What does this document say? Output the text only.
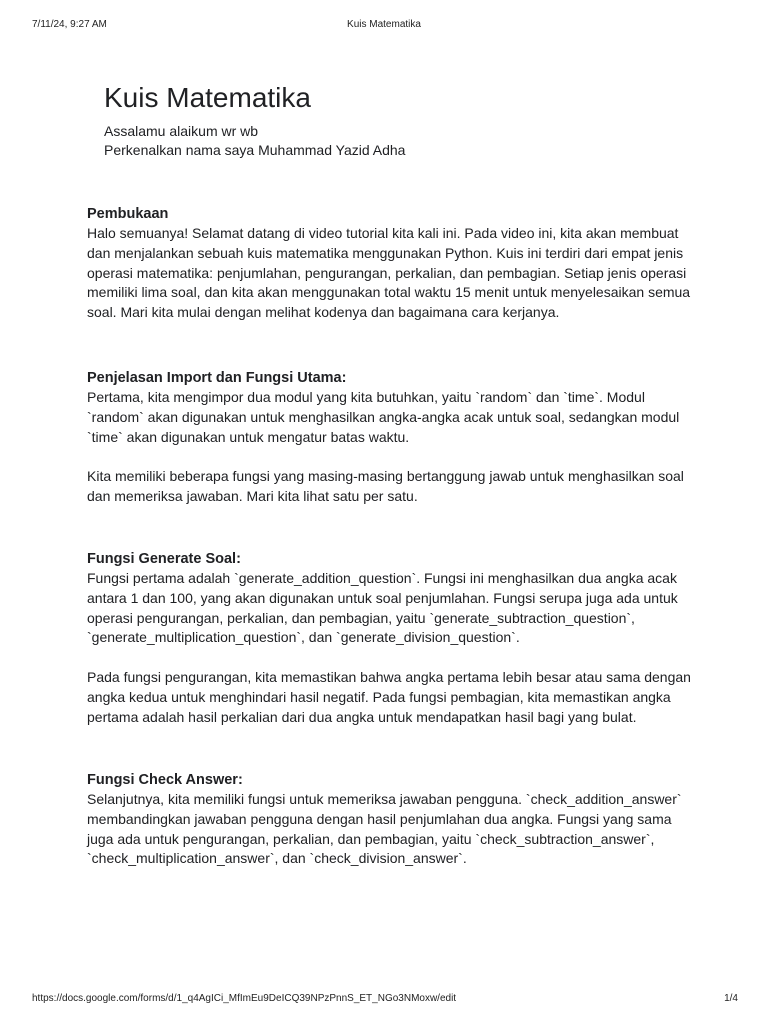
7/11/24, 9:27 AM	Kuis Matematika
Kuis Matematika
Assalamu alaikum wr wb
Perkenalkan nama saya Muhammad Yazid Adha
Pembukaan

Halo semuanya! Selamat datang di video tutorial kita kali ini. Pada video ini, kita akan membuat dan menjalankan sebuah kuis matematika menggunakan Python. Kuis ini terdiri dari empat jenis operasi matematika: penjumlahan, pengurangan, perkalian, dan pembagian. Setiap jenis operasi memiliki lima soal, dan kita akan menggunakan total waktu 15 menit untuk menyelesaikan semua soal. Mari kita mulai dengan melihat kodenya dan bagaimana cara kerjanya.

Penjelasan Import dan Fungsi Utama:

Pertama, kita mengimpor dua modul yang kita butuhkan, yaitu `random` dan `time`. Modul `random` akan digunakan untuk menghasilkan angka-angka acak untuk soal, sedangkan modul `time` akan digunakan untuk mengatur batas waktu.

Kita memiliki beberapa fungsi yang masing-masing bertanggung jawab untuk menghasilkan soal dan memeriksa jawaban. Mari kita lihat satu per satu.

Fungsi Generate Soal:

Fungsi pertama adalah `generate_addition_question`. Fungsi ini menghasilkan dua angka acak antara 1 dan 100, yang akan digunakan untuk soal penjumlahan. Fungsi serupa juga ada untuk operasi pengurangan, perkalian, dan pembagian, yaitu `generate_subtraction_question`, `generate_multiplication_question`, dan `generate_division_question`.

Pada fungsi pengurangan, kita memastikan bahwa angka pertama lebih besar atau sama dengan angka kedua untuk menghindari hasil negatif. Pada fungsi pembagian, kita memastikan angka pertama adalah hasil perkalian dari dua angka untuk mendapatkan hasil bagi yang bulat.

Fungsi Check Answer:

Selanjutnya, kita memiliki fungsi untuk memeriksa jawaban pengguna. `check_addition_answer` membandingkan jawaban pengguna dengan hasil penjumlahan dua angka. Fungsi yang sama juga ada untuk pengurangan, perkalian, dan pembagian, yaitu `check_subtraction_answer`, `check_multiplication_answer`, dan `check_division_answer`.

https://docs.google.com/forms/d/1_q4AgICi_MfImEu9DeICQ39NPzPnnS_ET_NGo3NMoxw/edit	1/4
